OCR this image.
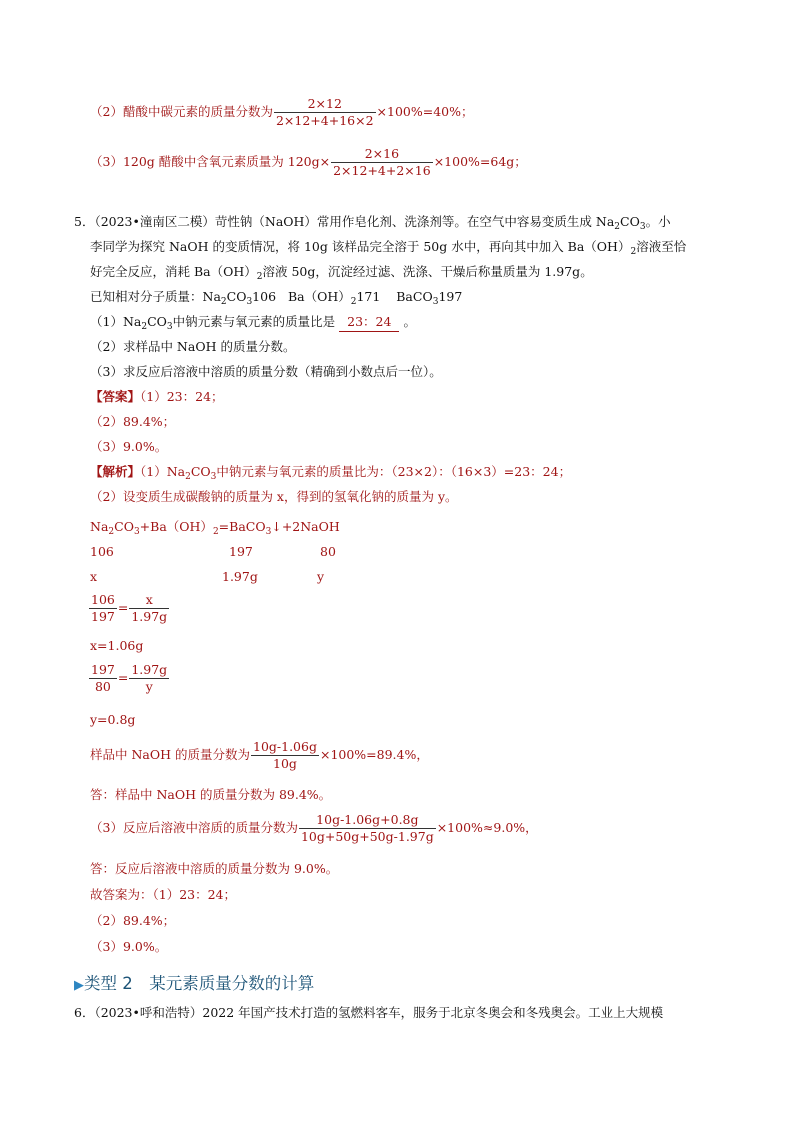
（2）醋酸中碳元素的质量分数为 $\frac{2\times 12}{2\times 12+4+16\times 2} \times 100\%=40\%$；
（3）120g 醋酸中含氧元素质量为 $120g\times \frac{2\times 16}{2\times 12+4+2\times 16} \times 100\%=64g$；
5．（2023•潼南区二模）苛性钠（NaOH）常用作皂化剂、洗涤剂等。在空气中容易变质生成 $Na_2CO_3$。小
李同学为探究 NaOH 的变质情况，将 10g 该样品完全溶于 50g 水中，再向其中加入 $Ba(OH)_2$溶液至恰
好完全反应，消耗 $Ba(OH)_2$溶液 50g，沉淀经过滤、洗涤、干燥后称量质量为 1.97g。
已知相对分子质量：$Na_2CO_3106$ $Ba(OH)_2171$ BaCO$_3$197
$(1)Na_2CO_3$中钠元素与氧元素的质量比是 23：24 。
（2）求样品中 NaOH 的质量分数。
（3）求反应后溶液中溶质的质量分数（精确到小数点后一位）。
【答案】（1）23：24；
（2）89.4%；
（3）9.0%。
【解析】$(1)Na_2CO_3$中钠元素与氧元素的质量比为：（23×2）：（16×3）=23：24；
（2）设变质生成碳酸钠的质量为 x，得到的氢氧化钠的质量为 y。
$Na_2CO_3+Ba(OH)_2=BaCO_3↓+2NaOH$
106	197	80
x	1.97g	y
$\frac{106}{197} = \frac{x}{1.97g}$
x=1.06g
$\frac{197}{80} = \frac{1.97g}{y}$
y=0.8g
样品中 NaOH 的质量分数为 $\frac{10g-1.06g}{10g} \times 100\%=89.4\%$，
答：样品中 NaOH 的质量分数为 89.4%。
（3）反应后溶液中溶质的质量分数为 $\frac{10g-1.06g+0.8g}{10g+50g+50g-1.97g} \times 100\%\approx 9.0\%$，
答：反应后溶液中溶质的质量分数为 9.0%。
故答案为：（1）23：24；
（2）89.4%；
（3）9.0%。
▶类型 2　某元素质量分数的计算
6．（2023•呼和浩特）2022 年国产技术打造的氢燃料客车，服务于北京冬奥会和冬残奥会。工业上大规模
